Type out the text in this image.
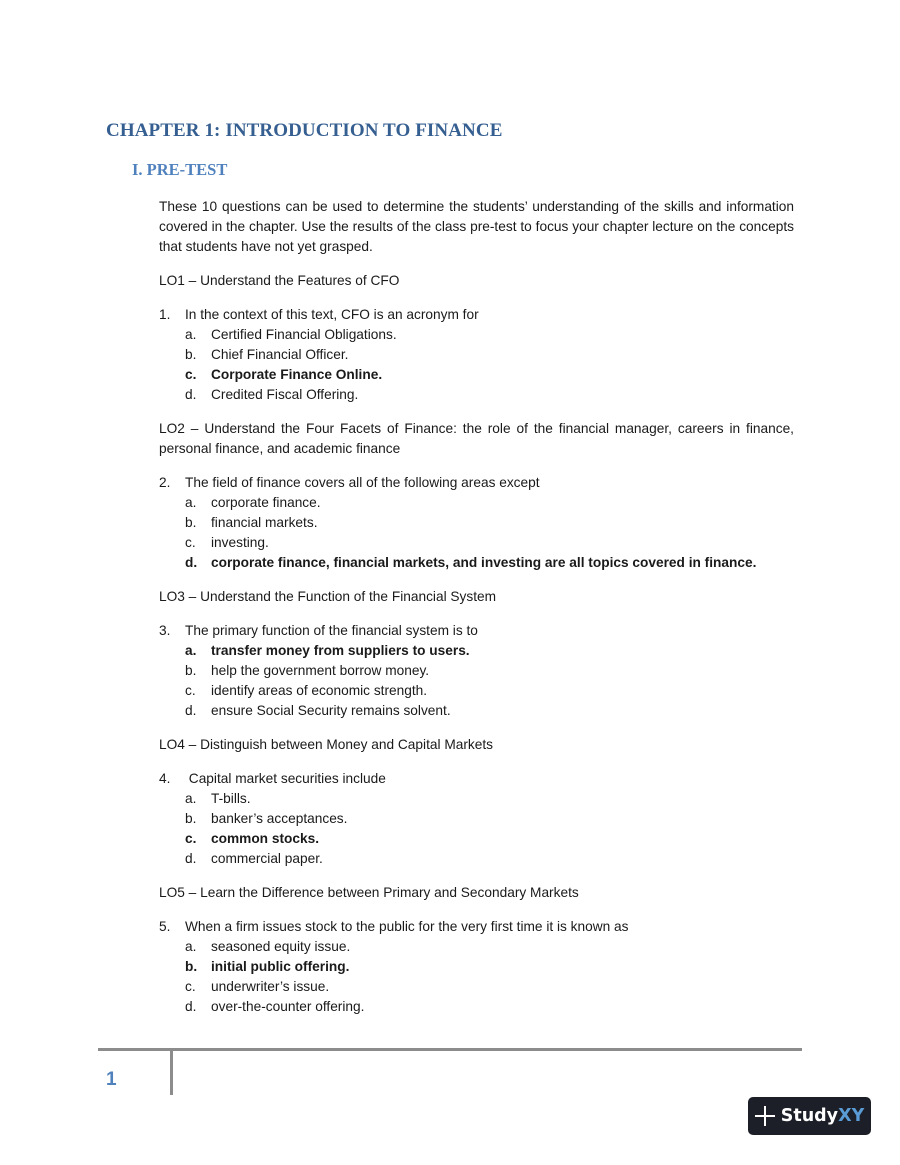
CHAPTER 1: INTRODUCTION TO FINANCE
I. PRE-TEST

These 10 questions can be used to determine the students’ understanding of the skills and information covered in the chapter. Use the results of the class pre-test to focus your chapter lecture on the concepts that students have not yet grasped.

LO1 – Understand the Features of CFO

1.	In the context of this text, CFO is an acronym for
a.	Certified Financial Obligations.
b.	Chief Financial Officer.
c.	Corporate Finance Online.
d.	Credited Fiscal Offering.

LO2 – Understand the Four Facets of Finance: the role of the financial manager, careers in finance, personal finance, and academic finance

2.	The field of finance covers all of the following areas except
a.	corporate finance.
b.	financial markets.
c.	investing.
d.	corporate finance, financial markets, and investing are all topics covered in finance.

LO3 – Understand the Function of the Financial System

3.	The primary function of the financial system is to
a.	transfer money from suppliers to users.
b.	help the government borrow money.
c.	identify areas of economic strength.
d.	ensure Social Security remains solvent.

LO4 – Distinguish between Money and Capital Markets

4.	Capital market securities include
a.	T-bills.
b.	banker’s acceptances.
c.	common stocks.
d.	commercial paper.

LO5 – Learn the Difference between Primary and Secondary Markets

5.	When a firm issues stock to the public for the very first time it is known as
a.	seasoned equity issue.
b.	initial public offering.
c.	underwriter’s issue.
d.	over-the-counter offering.
1
Study XY
